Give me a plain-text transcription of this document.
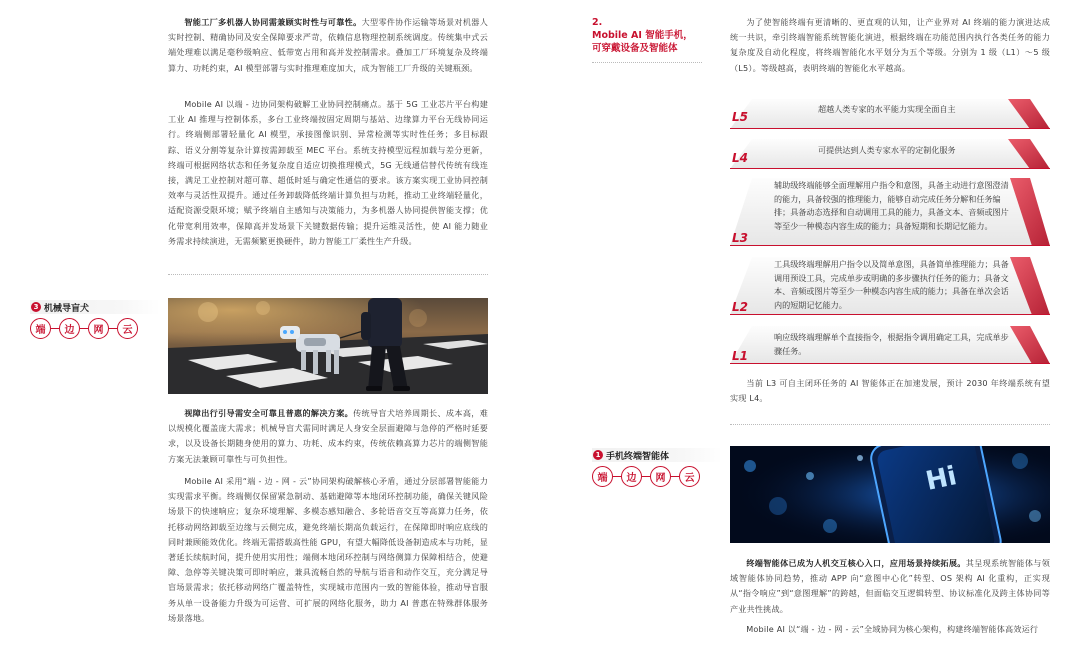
智能工厂多机器人协同需兼顾实时性与可靠性。大型零件协作运输等场景对机器人实时控制、精确协同及安全保障要求严苛，依赖信息物理控制系统调度。传统集中式云端处理难以满足毫秒级响应、低带宽占用和高并发控制需求。叠加工厂环境复杂及终端算力、功耗约束，AI 模型部署与实时推理难度加大，成为智能工厂升级的关键瓶颈。
Mobile AI 以端 - 边协同架构破解工业协同控制痛点。基于 5G 工业芯片平台构建工业 AI 推理与控制体系，多台工业终端按固定周期与基站、边缘算力平台无线协同运行。终端侧部署轻量化 AI 模型，承接图像识别、异常检测等实时性任务；多目标跟踪、语义分割等复杂计算按需卸载至 MEC 平台。系统支持模型远程加载与差分更新，终端可根据网络状态和任务复杂度自适应切换推理模式，5G 无线通信替代传统有线连接，满足工业控制对超可靠、超低时延与确定性通信的要求。该方案实现工业协同控制效率与灵活性双提升。通过任务卸载降低终端计算负担与功耗，推动工业终端轻量化，适配资源受限环境；赋予终端自主感知与决策能力，为多机器人协同提供智能支撑；优化带宽利用效率，保障高并发场景下关键数据传输；提升运维灵活性，使 AI 能力随业务需求持续演进，无需频繁更换硬件，助力智能工厂柔性生产升级。
3 机械导盲犬
端	边	网	云
视障出行引导需安全可靠且普惠的解决方案。传统导盲犬培养周期长、成本高，难以规模化覆盖庞大需求；机械导盲犬需同时满足人身安全层面避障与急停的严格时延要求，以及设备长期随身使用的算力、功耗、成本约束，传统依赖高算力芯片的端侧智能方案无法兼顾可靠性与可负担性。
Mobile AI 采用“端 - 边 - 网 - 云”协同架构破解核心矛盾，通过分层部署智能能力实现需求平衡。终端侧仅保留紧急制动、基础避障等本地闭环控制功能，确保关键风险场景下的快速响应；复杂环境理解、多模态感知融合、多轮语音交互等高算力任务，依托移动网络卸载至边缘与云侧完成，避免终端长期高负载运行，在保障即时响应底线的同时兼顾能效优化。终端无需搭载高性能 GPU，有望大幅降低设备制造成本与功耗，显著延长续航时间，提升使用实用性；端侧本地闭环控制与网络侧算力保障相结合，使避障、急停等关键决策可即时响应，兼具流畅自然的导航与语音和动作交互，充分满足导盲场景需求；依托移动网络广覆盖特性，实现城市范围内一致的智能体验，推动导盲服务从单一设备能力升级为可运营、可扩展的网络化服务，助力 AI 普惠在特殊群体服务场景落地。
2.
Mobile AI 智能手机，
可穿戴设备及智能体
为了使智能终端有更清晰的、更直观的认知，让产业界对 AI 终端的能力演进达成统一共识，牵引终端智能系统智能化演进，根据终端在功能范围内执行各类任务的能力复杂度及自动化程度，将终端智能化水平划分为五个等级。分别为 1 级（L1）～5 级（L5）。等级越高，表明终端的智能化水平越高。
L5
超越人类专家的水平能力实现全面自主
L4
可提供达到人类专家水平的定制化服务
L3
辅助级终端能够全面理解用户指令和意图，具备主动进行意图澄清的能力，具备较强的推理能力，能够自动完成任务分解和任务编排；具备动态选择和自动调用工具的能力，具备文本、音频或图片等至少一种模态内容生成的能力；具备短期和长期记忆能力。
L2
工具级终端理解用户指令以及简单意图，具备简单推理能力；具备调用预设工具，完成单步或明确的多步骤执行任务的能力；具备文本、音频或图片等至少一种模态内容生成的能力；具备在单次会话内的短期记忆能力。
L1
响应级终端理解单个直接指令，根据指令调用确定工具，完成单步骤任务。
当前 L3 可自主闭环任务的 AI 智能体正在加速发展，预计 2030 年终端系统有望实现 L4。
1 手机终端智能体
端	边	网	云	Hi
终端智能体已成为人机交互核心入口，应用场景持续拓展。其呈现系统智能体与领域智能体协同趋势，推动 APP 向“意图中心化”转型、OS 架构 AI 化重构，正实现从“指令响应”到“意图理解”的跨越，但面临交互逻辑转型、协议标准化及跨主体协同等产业共性挑战。
Mobile AI 以“端 - 边 - 网 - 云”全域协同为核心架构，构建终端智能体高效运行
